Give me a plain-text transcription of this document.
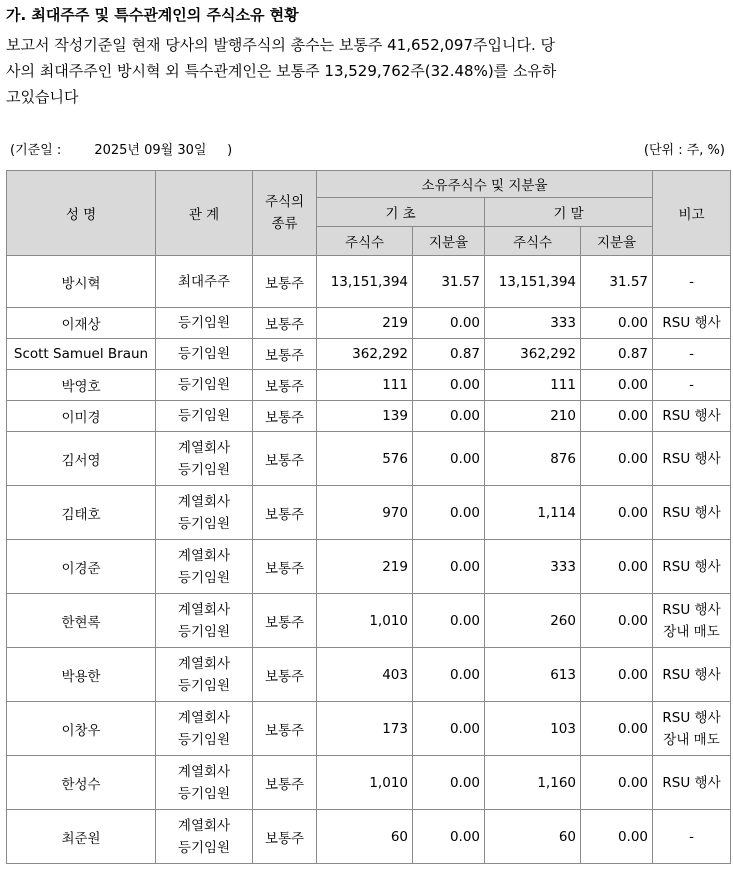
가. 최대주주 및 특수관계인의 주식소유 현황
보고서 작성기준일 현재 당사의 발행주식의 총수는 보통주 41,652,097주입니다. 당
사의 최대주주인 방시혁 외 특수관계인은 보통주 13,529,762주(32.48%)를 소유하
고있습니다
(기준일 :        2025년 09월 30일     )	(단위 : 주, %)
성 명	관 계	주식의
종류	소유주식수 및 지분율				비고
			기 초		기 말		
			주식수	지분율	주식수	지분율	
방시혁	최대주주	보통주	13,151,394	31.57	13,151,394	31.57	-

이재상	등기임원	보통주	219	0.00	333	0.00	RSU 행사

Scott Samuel Braun	등기임원	보통주	362,292	0.87	362,292	0.87	-

박영호	등기임원	보통주	111	0.00	111	0.00	-

이미경	등기임원	보통주	139	0.00	210	0.00	RSU 행사

김서영	계열회사
등기임원	보통주	576	0.00	876	0.00	RSU 행사

김태호	계열회사
등기임원	보통주	970	0.00	1,114	0.00	RSU 행사

이경준	계열회사
등기임원	보통주	219	0.00	333	0.00	RSU 행사

한현록	계열회사
등기임원	보통주	1,010	0.00	260	0.00	RSU 행사
장내 매도

박용한	계열회사
등기임원	보통주	403	0.00	613	0.00	RSU 행사

이창우	계열회사
등기임원	보통주	173	0.00	103	0.00	RSU 행사
장내 매도

한성수	계열회사
등기임원	보통주	1,010	0.00	1,160	0.00	RSU 행사

최준원	계열회사
등기임원	보통주	60	0.00	60	0.00	-
